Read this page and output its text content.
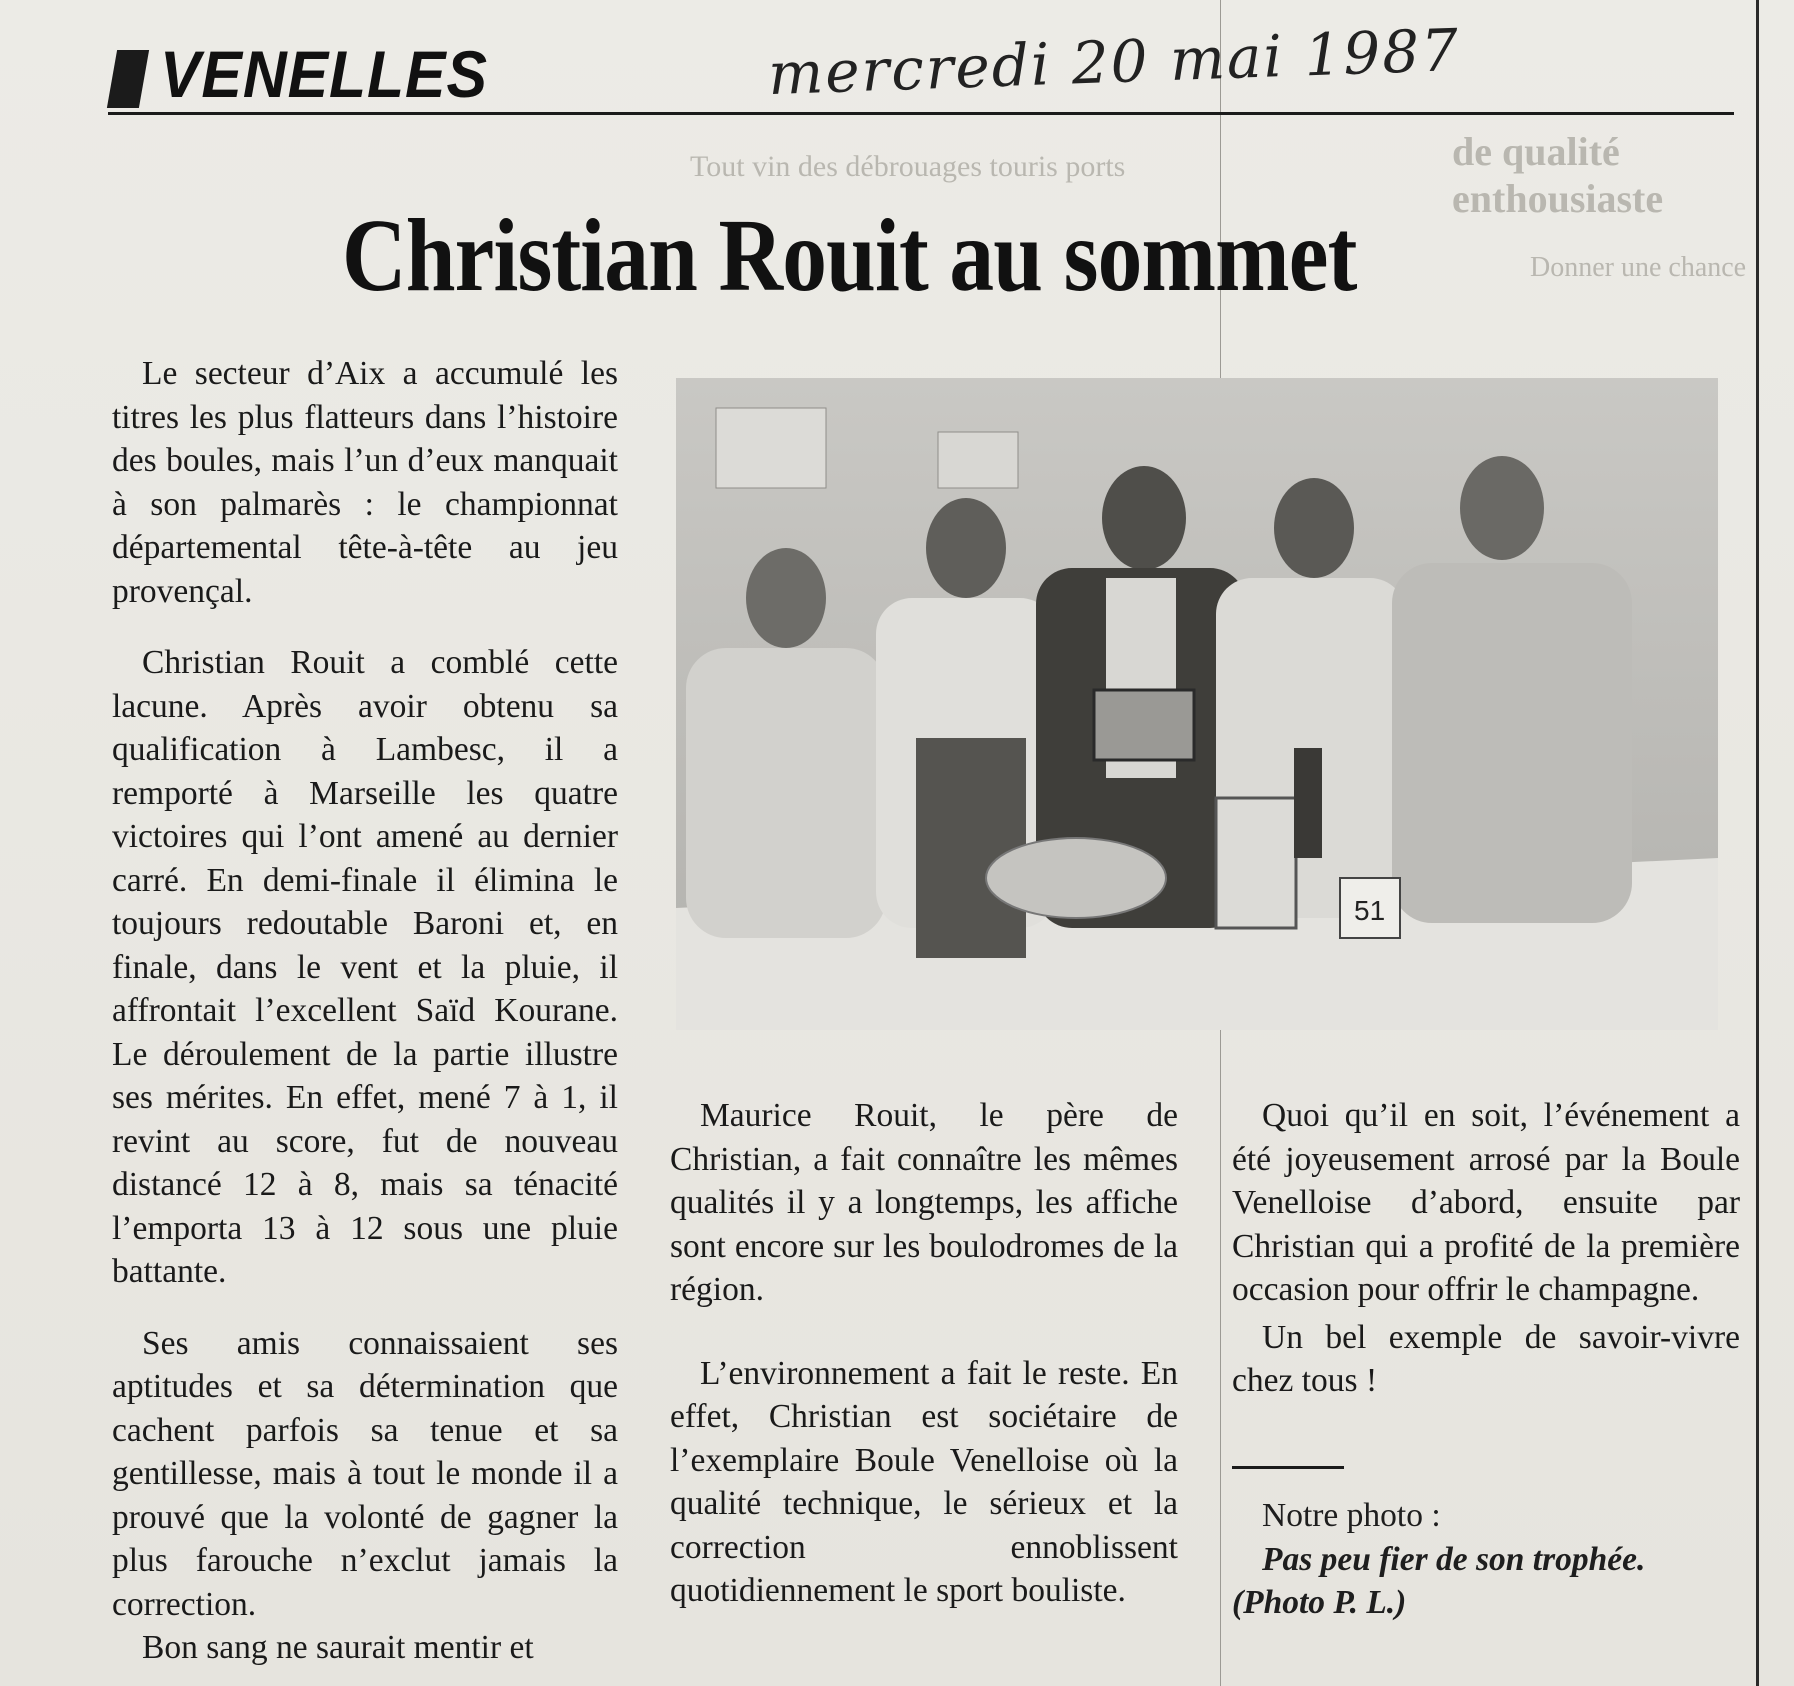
Tout vin des débrouages touris ports	de qualité enthousiaste
Donner une chance
VENELLES	mercredi 20 mai 1987
Christian Rouit au sommet

Le secteur d’Aix a accumulé les titres les plus flatteurs dans l’histoire des boules, mais l’un d’eux manquait à son palmarès : le championnat départemental tête-à-tête au jeu provençal.

Christian Rouit a comblé cette lacune. Après avoir obtenu sa qualification à Lambesc, il a remporté à Marseille les quatre victoires qui l’ont amené au dernier carré. En demi-finale il élimina le toujours redoutable Baroni et, en finale, dans le vent et la pluie, il affrontait l’excellent Saïd Kourane. Le déroulement de la partie illustre ses mérites. En effet, mené 7 à 1, il revint au score, fut de nouveau distancé 12 à 8, mais sa ténacité l’emporta 13 à 12 sous une pluie battante.

Ses amis connaissaient ses aptitudes et sa détermination que cachent parfois sa tenue et sa gentillesse, mais à tout le monde il a prouvé que la volonté de gagner la plus farouche n’exclut jamais la correction.

Bon sang ne saurait mentir et

51

Maurice Rouit, le père de Christian, a fait connaître les mêmes qualités il y a longtemps, les affiche sont encore sur les boulodromes de la région.

L’environnement a fait le reste. En effet, Christian est sociétaire de l’exemplaire Boule Venelloise où la qualité technique, le sérieux et la correction ennoblissent quotidiennement le sport bouliste.

Quoi qu’il en soit, l’événement a été joyeusement arrosé par la Boule Venelloise d’abord, ensuite par Christian qui a profité de la première occasion pour offrir le champagne.

Un bel exemple de savoir-vivre chez tous !

Notre photo :

Pas peu fier de son trophée.

(Photo P. L.)
